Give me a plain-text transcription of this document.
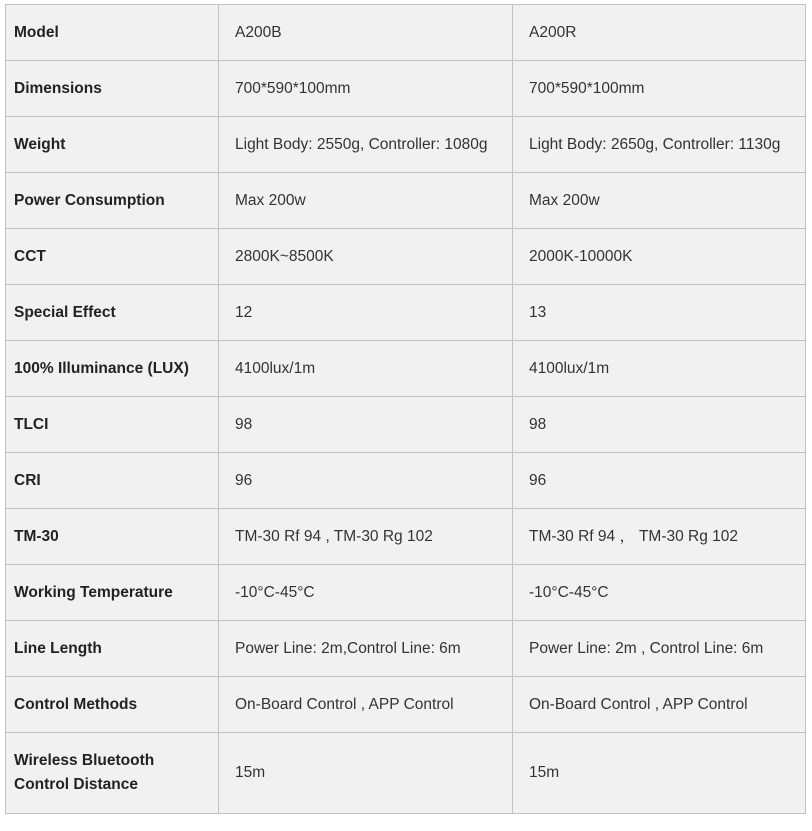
Model	A200B	A200R
Dimensions	700*590*100mm	700*590*100mm
Weight	Light Body: 2550g, Controller: 1080g	Light Body: 2650g, Controller: 1130g
Power Consumption	Max 200w	Max 200w
CCT	2800K~8500K	2000K-10000K
Special Effect	12	13
100% Illuminance (LUX)	4100lux/1m	4100lux/1m
TLCI	98	98
CRI	96	96
TM-30	TM-30 Rf 94 , TM-30 Rg 102	TM-30 Rf 94 ， TM-30 Rg 102
Working Temperature	-10°C-45°C	-10°C-45°C
Line Length	Power Line: 2m,Control Line: 6m	Power Line: 2m , Control Line: 6m
Control Methods	On-Board Control , APP Control	On-Board Control , APP Control
Wireless Bluetooth
Control Distance	15m	15m
